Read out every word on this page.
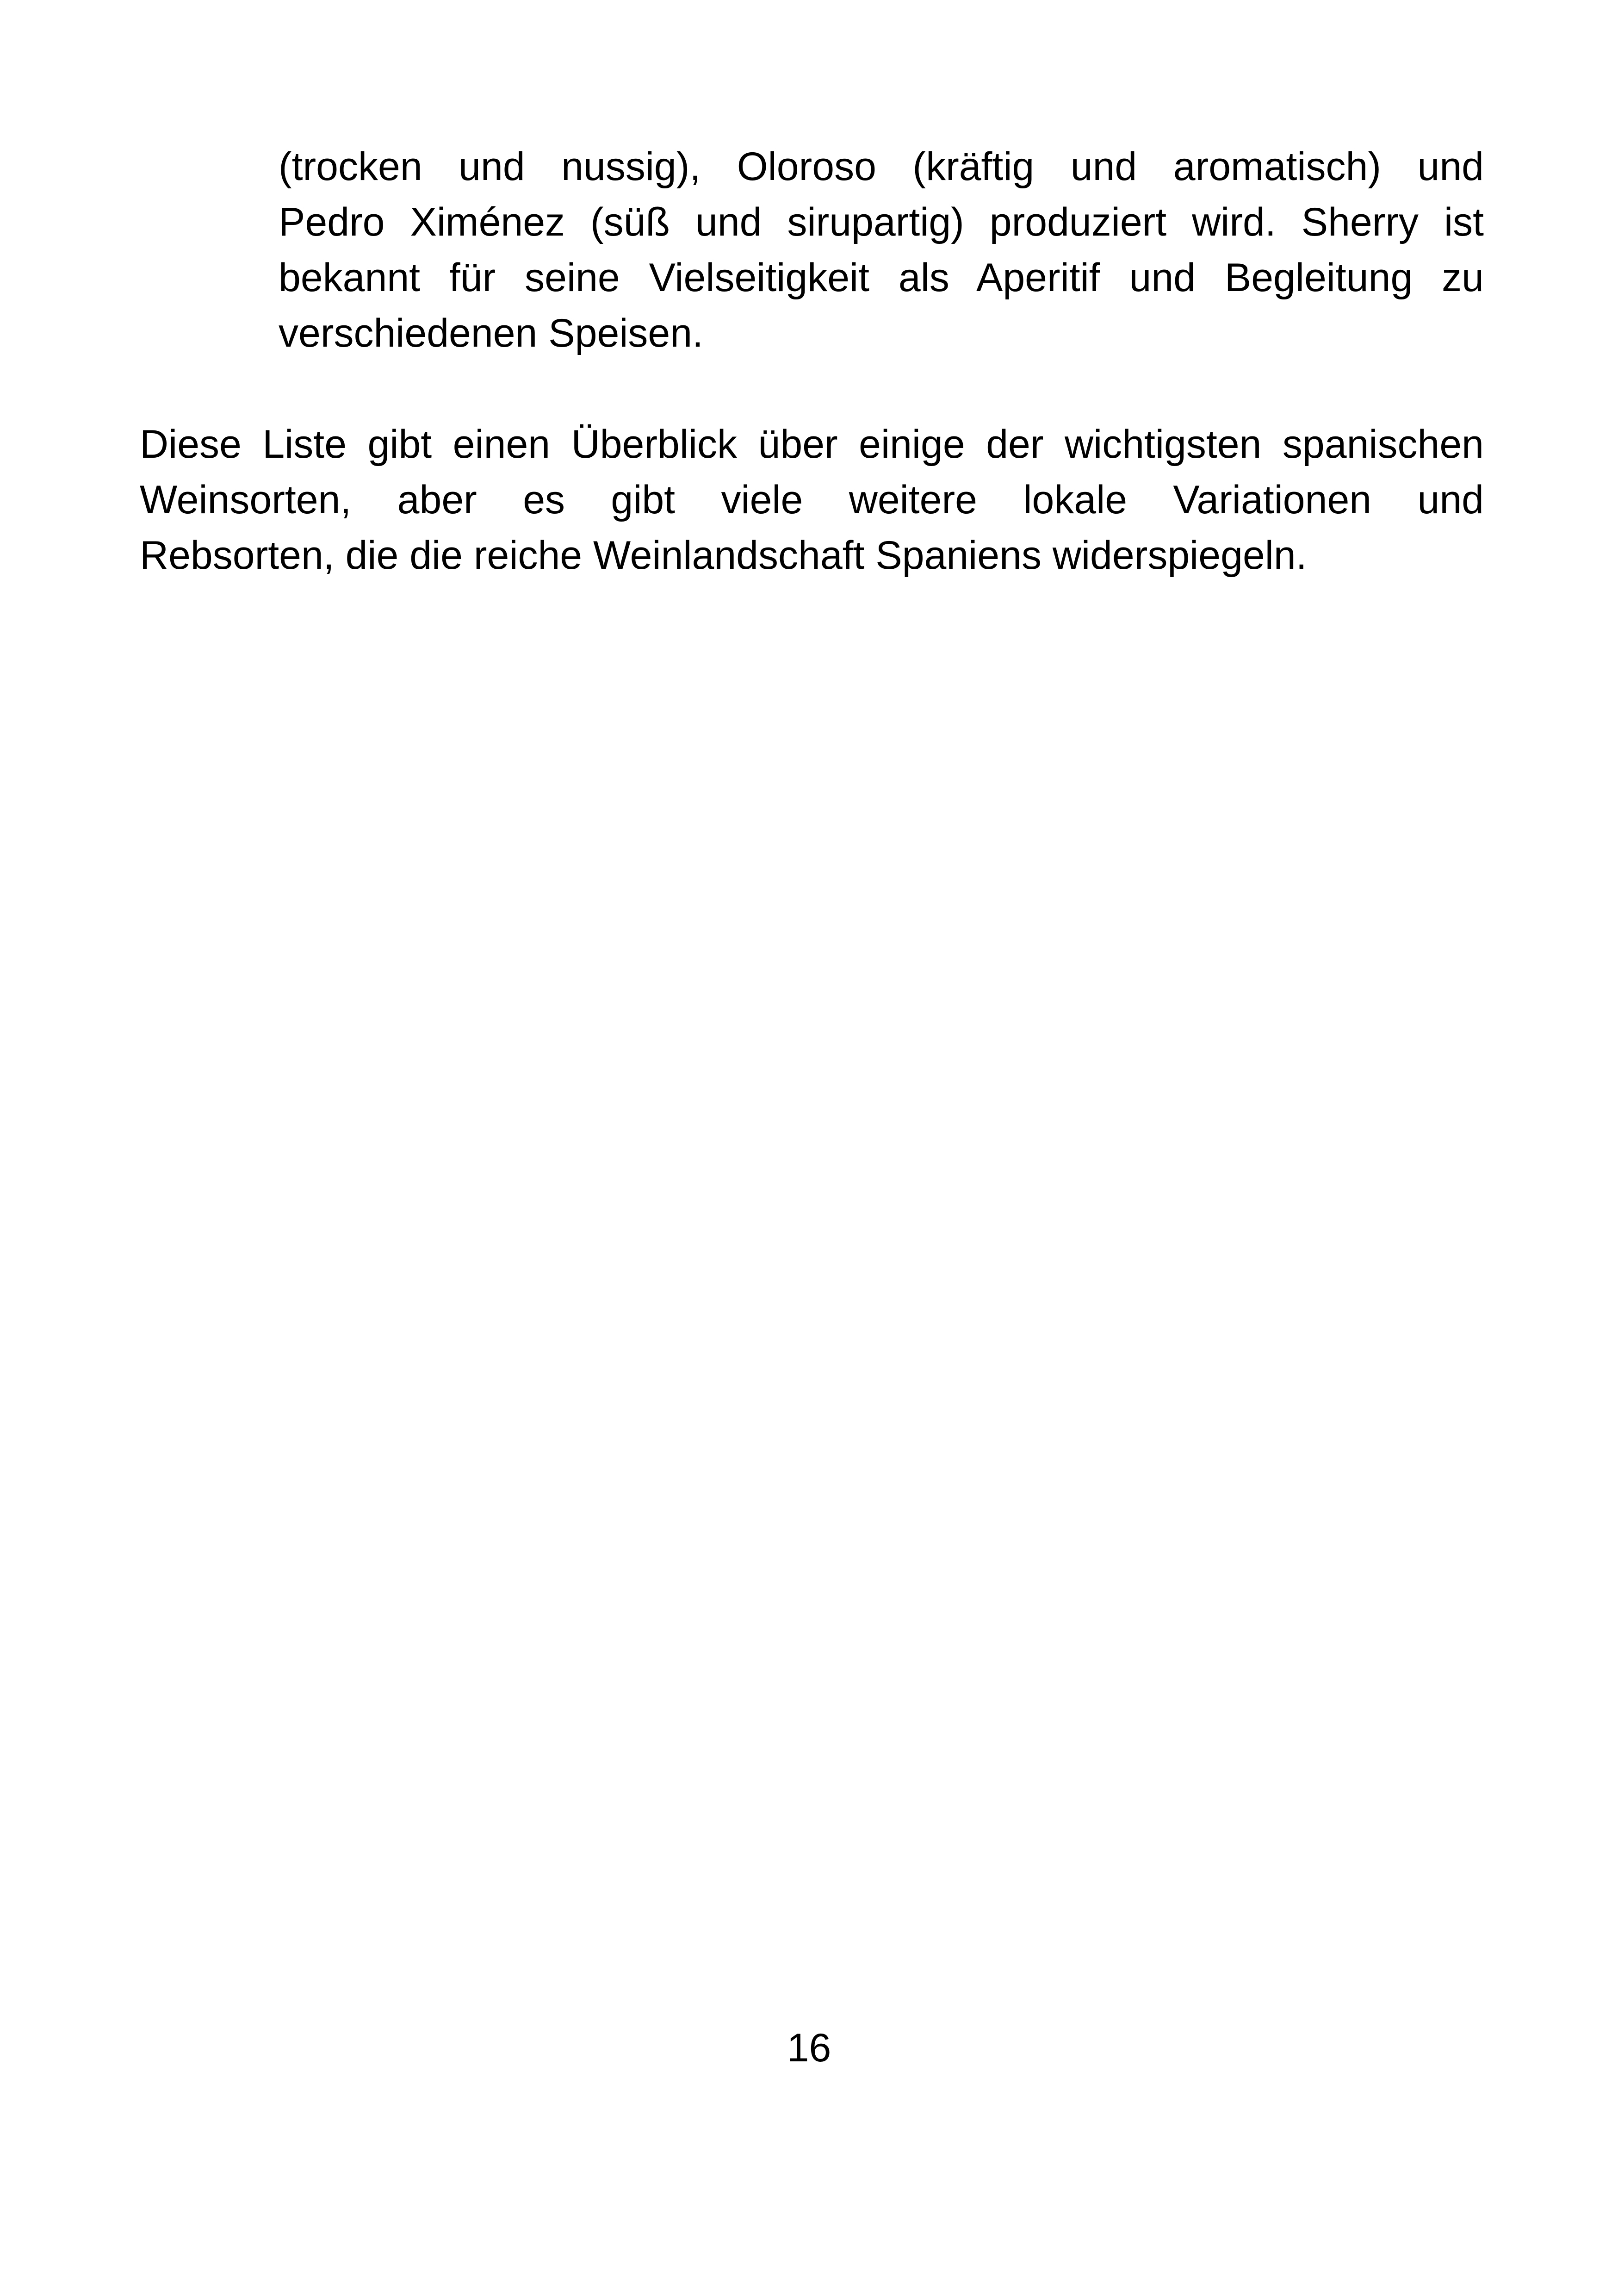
(trocken und nussig), Oloroso (kräftig und aromatisch) und
Pedro Ximénez (süß und sirupartig) produziert wird. Sherry ist
bekannt für seine Vielseitigkeit als Aperitif und Begleitung zu
verschiedenen Speisen.

Diese Liste gibt einen Überblick über einige der wichtigsten spanischen
Weinsorten, aber es gibt viele weitere lokale Variationen und
Rebsorten, die die reiche Weinlandschaft Spaniens widerspiegeln.

16
